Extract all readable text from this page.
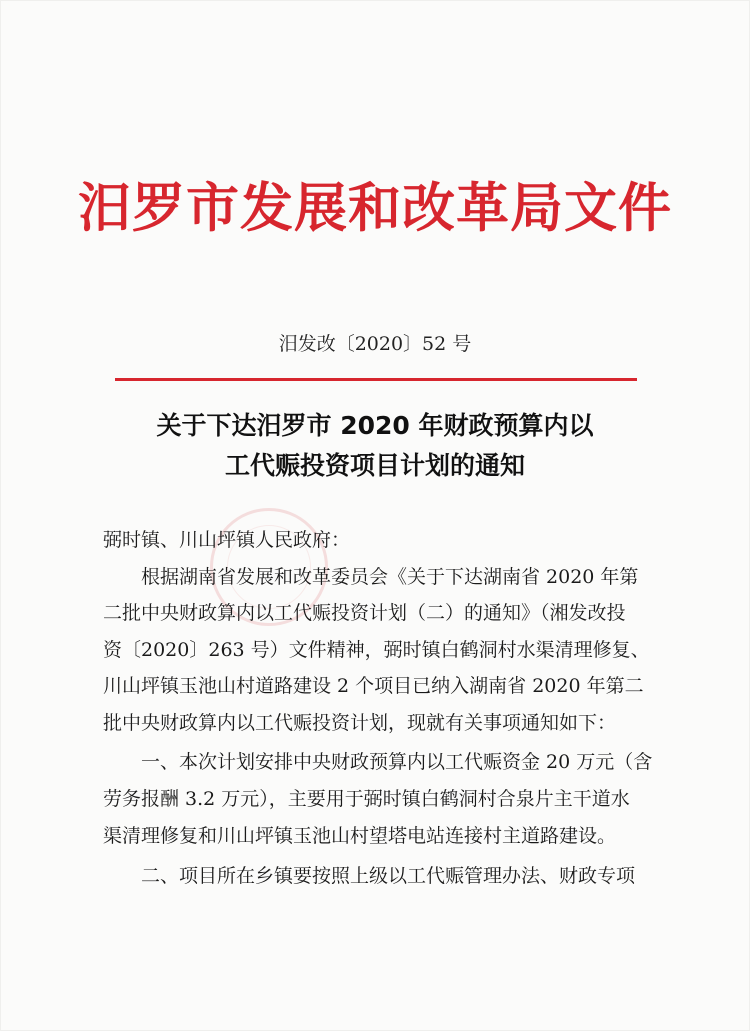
汨罗市发展和改革局文件
汨发改〔2020〕52 号
关于下达汨罗市 2020 年财政预算内以
工代赈投资项目计划的通知
弼时镇、川山坪镇人民政府：
　　根据湖南省发展和改革委员会《关于下达湖南省 2020 年第
二批中央财政算内以工代赈投资计划（二）的通知》（湘发改投
资〔2020〕263 号）文件精神，弼时镇白鹤洞村水渠清理修复、
川山坪镇玉池山村道路建设 2 个项目已纳入湖南省 2020 年第二
批中央财政算内以工代赈投资计划，现就有关事项通知如下：
　　一、本次计划安排中央财政预算内以工代赈资金 20 万元（含
劳务报酬 3.2 万元），主要用于弼时镇白鹤洞村合泉片主干道水
渠清理修复和川山坪镇玉池山村望塔电站连接村主道路建设。
　　二、项目所在乡镇要按照上级以工代赈管理办法、财政专项
